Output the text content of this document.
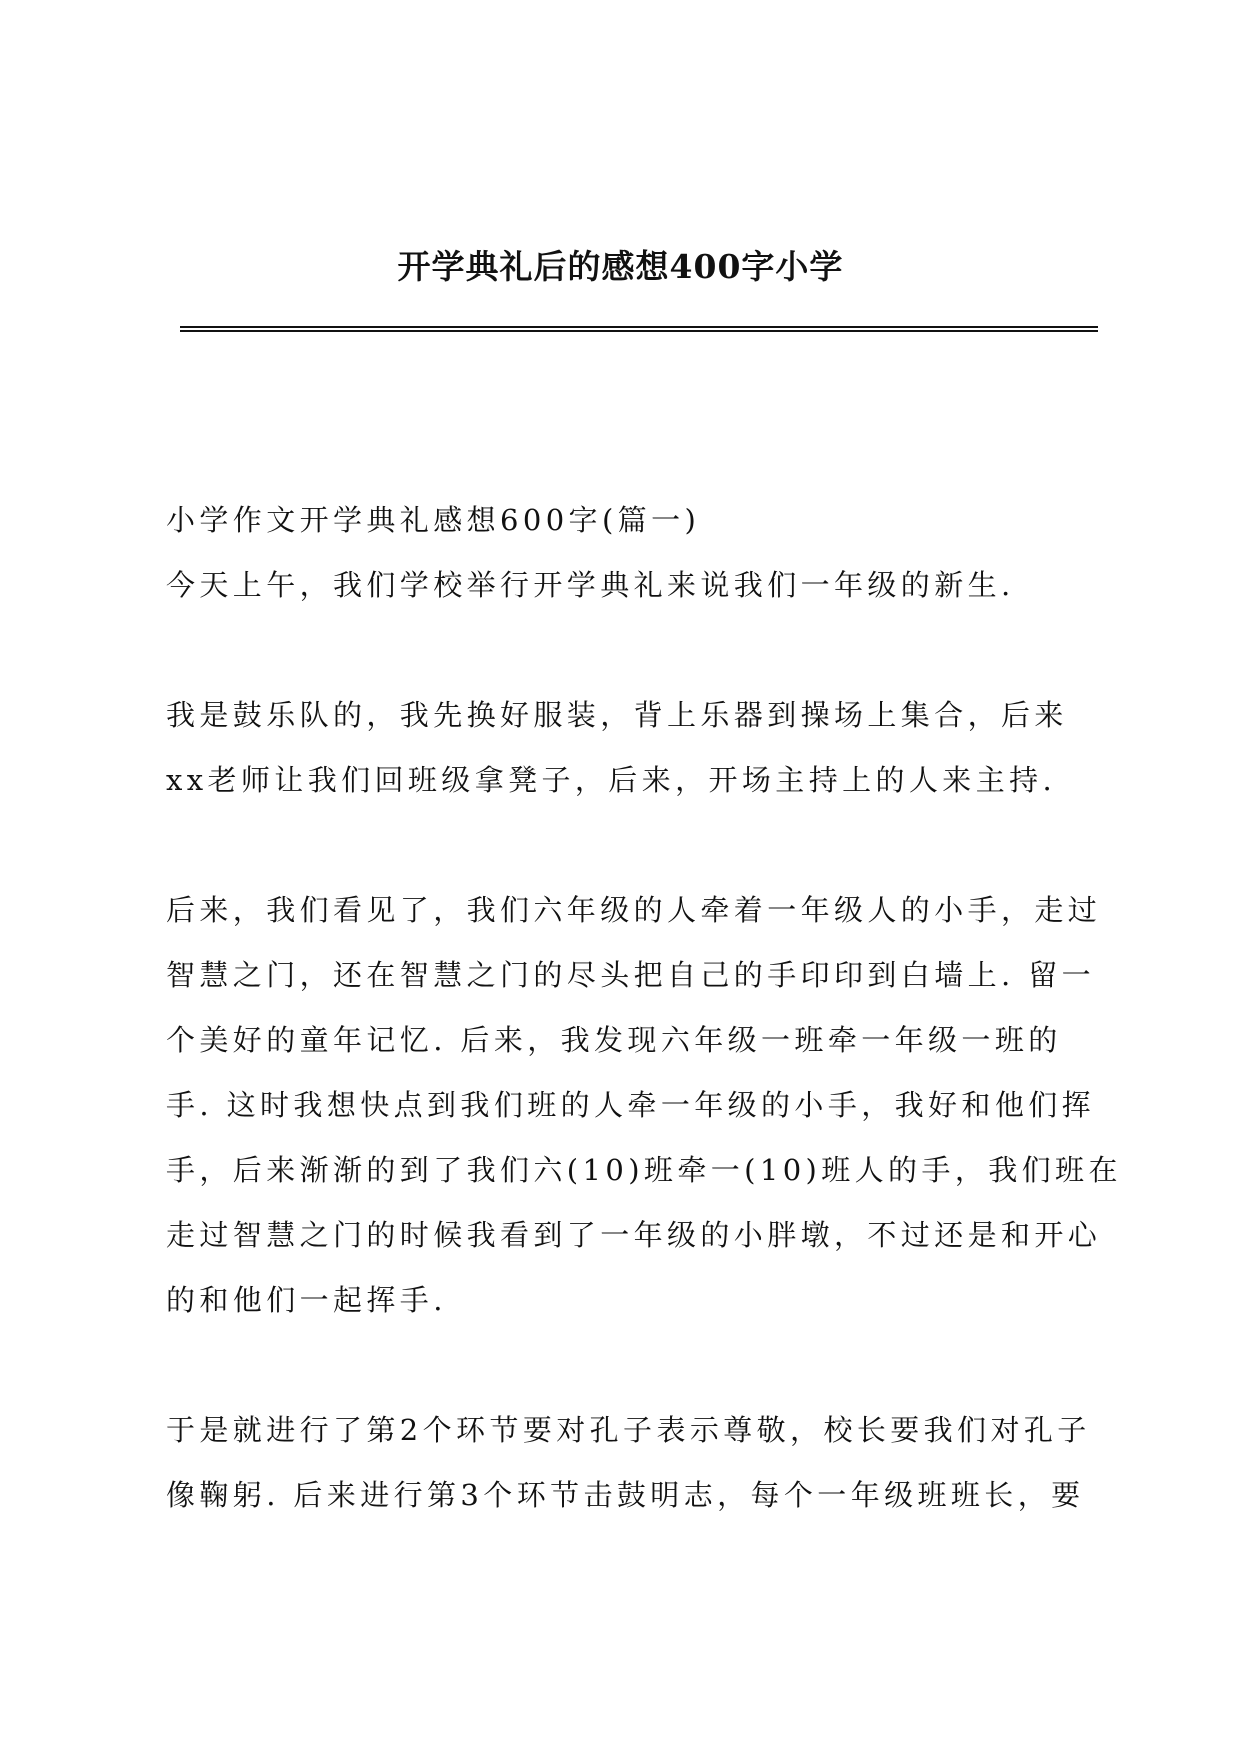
开学典礼后的感想400字小学
小学作文开学典礼感想600字(篇一)
今天上午，我们学校举行开学典礼来说我们一年级的新生.
我是鼓乐队的，我先换好服装，背上乐器到操场上集合，后来
xx老师让我们回班级拿凳子，后来，开场主持上的人来主持.
后来，我们看见了，我们六年级的人牵着一年级人的小手，走过
智慧之门，还在智慧之门的尽头把自己的手印印到白墙上. 留一
个美好的童年记忆. 后来，我发现六年级一班牵一年级一班的
手. 这时我想快点到我们班的人牵一年级的小手，我好和他们挥
手，后来渐渐的到了我们六(10)班牵一(10)班人的手，我们班在
走过智慧之门的时候我看到了一年级的小胖墩，不过还是和开心
的和他们一起挥手.
于是就进行了第2个环节要对孔子表示尊敬，校长要我们对孔子
像鞠躬. 后来进行第3个环节击鼓明志，每个一年级班班长，要
